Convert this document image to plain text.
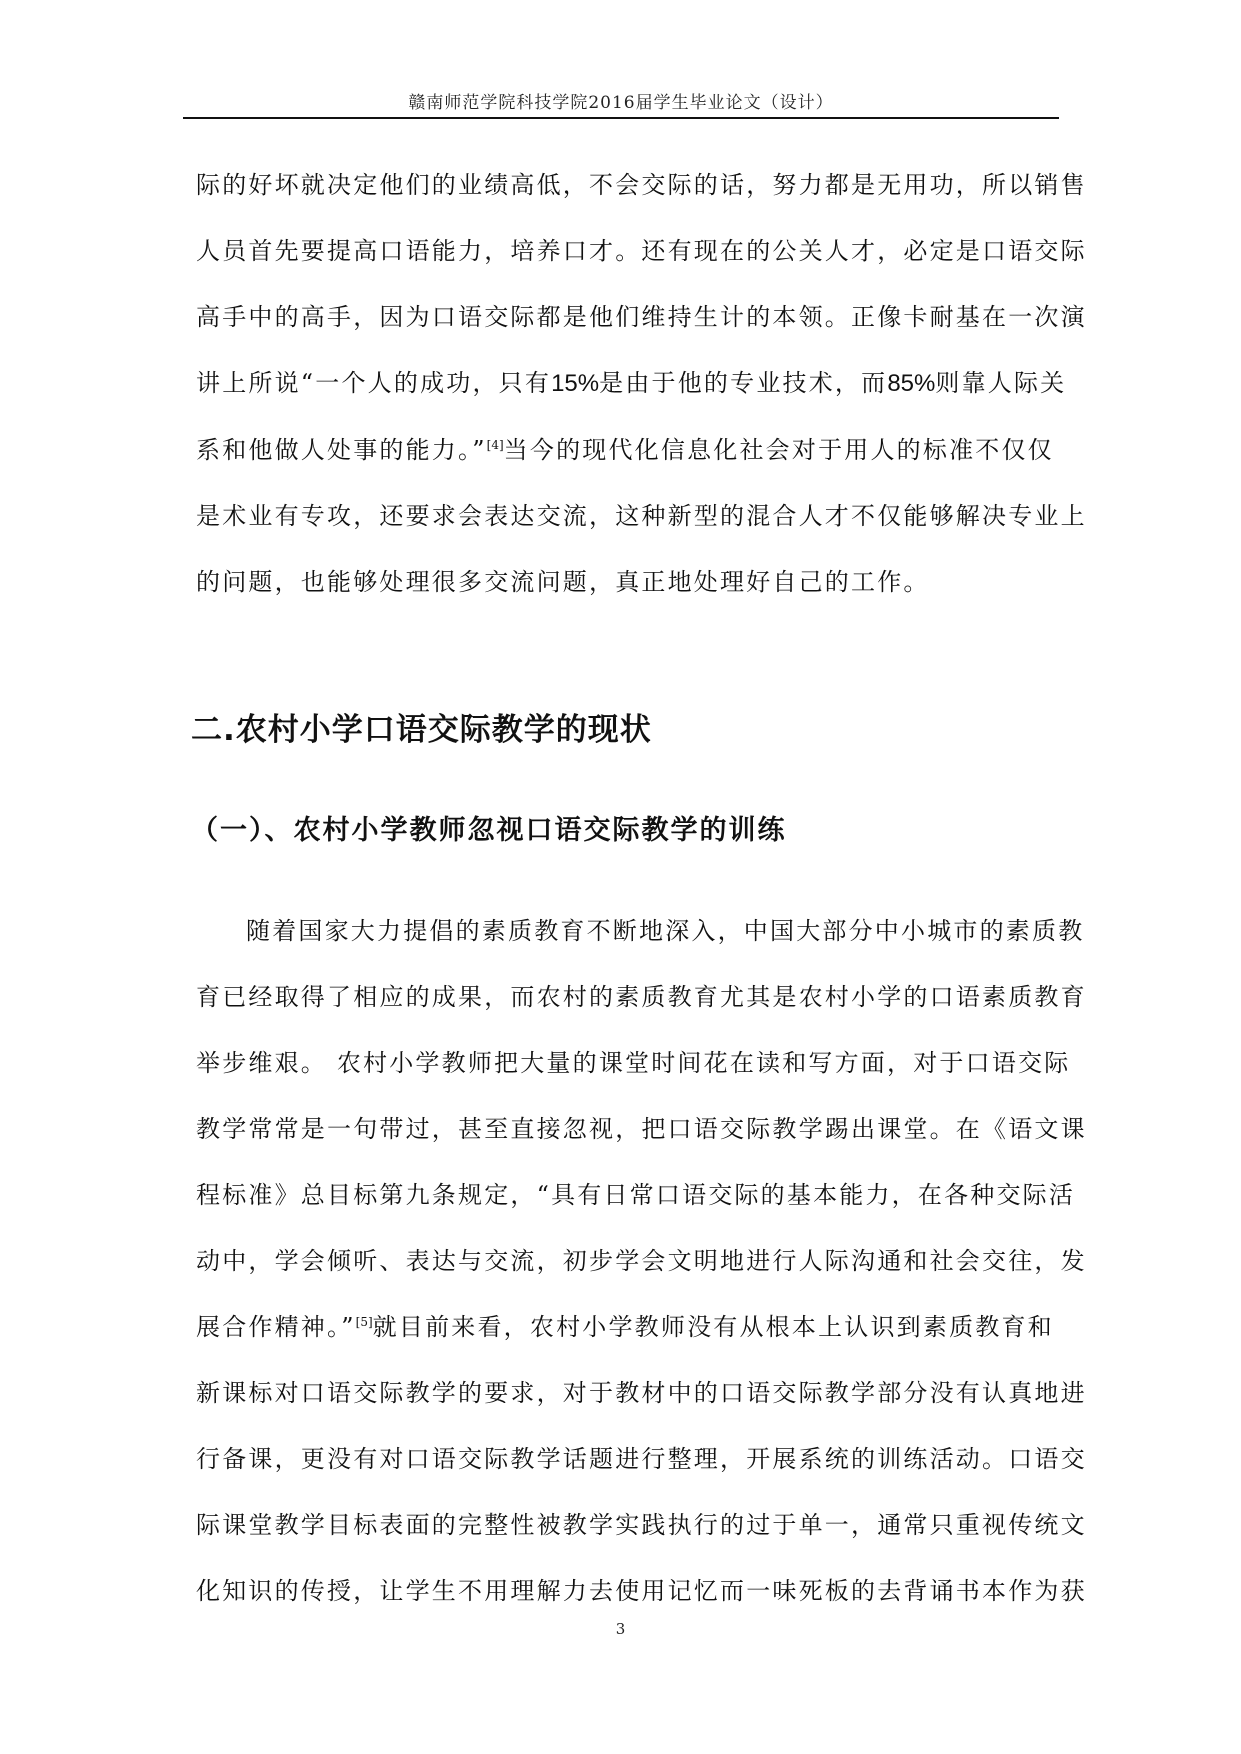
赣南师范学院科技学院2016届学生毕业论文（设计）
际的好坏就决定他们的业绩高低，不会交际的话，努力都是无用功，所以销售
人员首先要提高口语能力，培养口才。还有现在的公关人才，必定是口语交际
高手中的高手，因为口语交际都是他们维持生计的本领。正像卡耐基在一次演
讲上所说“一个人的成功，只有15%是由于他的专业技术，而85%则靠人际关
系和他做人处事的能力。”[4]当今的现代化信息化社会对于用人的标准不仅仅
是术业有专攻，还要求会表达交流，这种新型的混合人才不仅能够解决专业上
的问题，也能够处理很多交流问题，真正地处理好自己的工作。
二.农村小学口语交际教学的现状
（一）、农村小学教师忽视口语交际教学的训练
随着国家大力提倡的素质教育不断地深入，中国大部分中小城市的素质教
育已经取得了相应的成果，而农村的素质教育尤其是农村小学的口语素质教育
举步维艰。 农村小学教师把大量的课堂时间花在读和写方面，对于口语交际
教学常常是一句带过，甚至直接忽视，把口语交际教学踢出课堂。在《语文课
程标准》总目标第九条规定，“具有日常口语交际的基本能力，在各种交际活
动中，学会倾听、表达与交流，初步学会文明地进行人际沟通和社会交往，发
展合作精神。”[5]就目前来看，农村小学教师没有从根本上认识到素质教育和
新课标对口语交际教学的要求，对于教材中的口语交际教学部分没有认真地进
行备课，更没有对口语交际教学话题进行整理，开展系统的训练活动。口语交
际课堂教学目标表面的完整性被教学实践执行的过于单一，通常只重视传统文
化知识的传授，让学生不用理解力去使用记忆而一味死板的去背诵书本作为获
3
